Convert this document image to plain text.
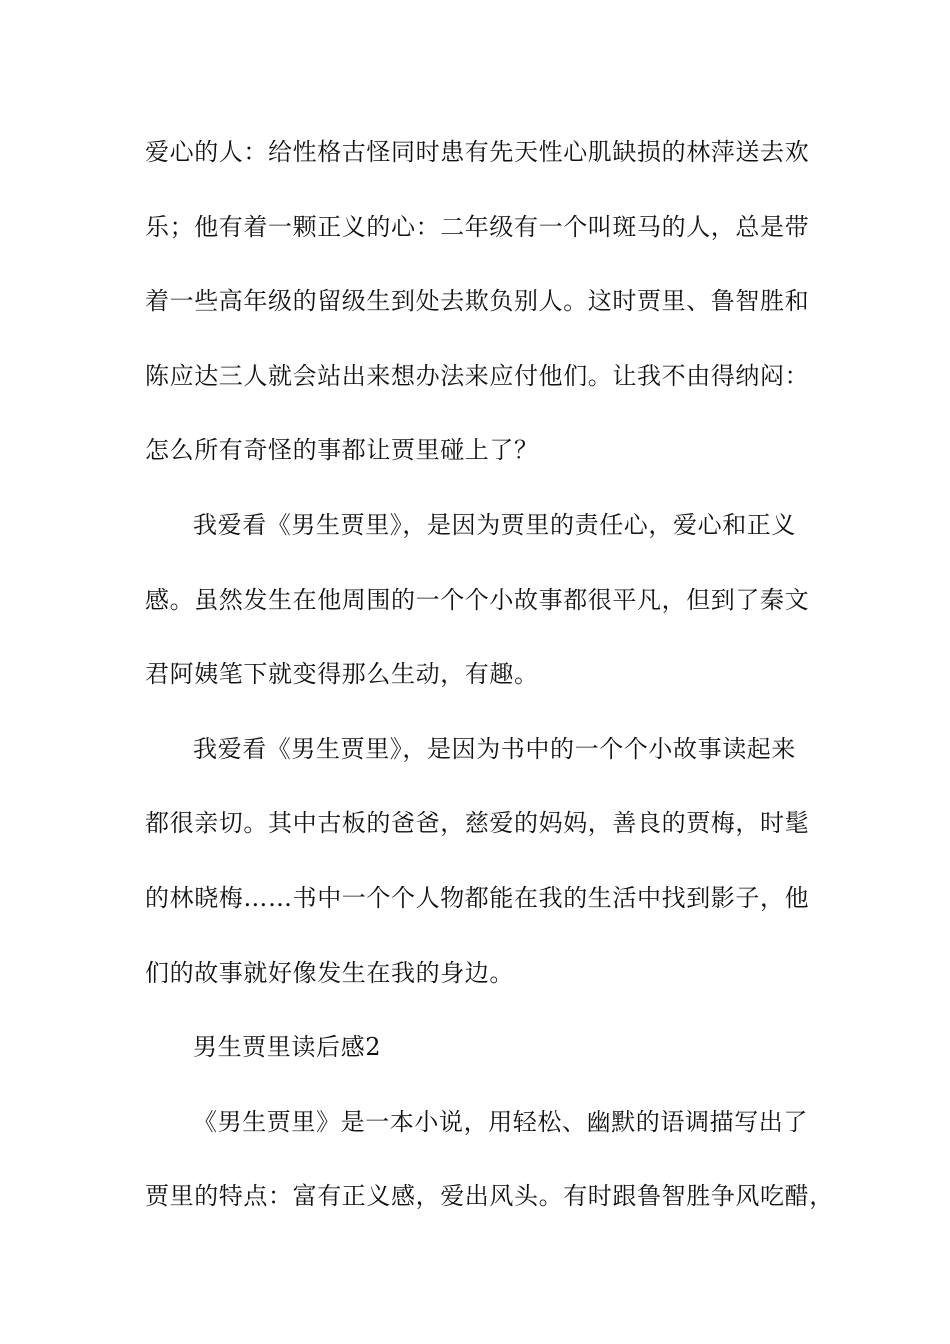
爱心的人：给性格古怪同时患有先天性心肌缺损的林萍送去欢
乐；他有着一颗正义的心：二年级有一个叫斑马的人，总是带
着一些高年级的留级生到处去欺负别人。这时贾里、鲁智胜和
陈应达三人就会站出来想办法来应付他们。让我不由得纳闷：
怎么所有奇怪的事都让贾里碰上了？
我爱看《男生贾里》，是因为贾里的责任心，爱心和正义
感。虽然发生在他周围的一个个小故事都很平凡，但到了秦文
君阿姨笔下就变得那么生动，有趣。
我爱看《男生贾里》，是因为书中的一个个小故事读起来
都很亲切。其中古板的爸爸，慈爱的妈妈，善良的贾梅，时髦
的林晓梅……书中一个个人物都能在我的生活中找到影子，他
们的故事就好像发生在我的身边。
男生贾里读后感2
《男生贾里》是一本小说，用轻松、幽默的语调描写出了
贾里的特点：富有正义感，爱出风头。有时跟鲁智胜争风吃醋，
